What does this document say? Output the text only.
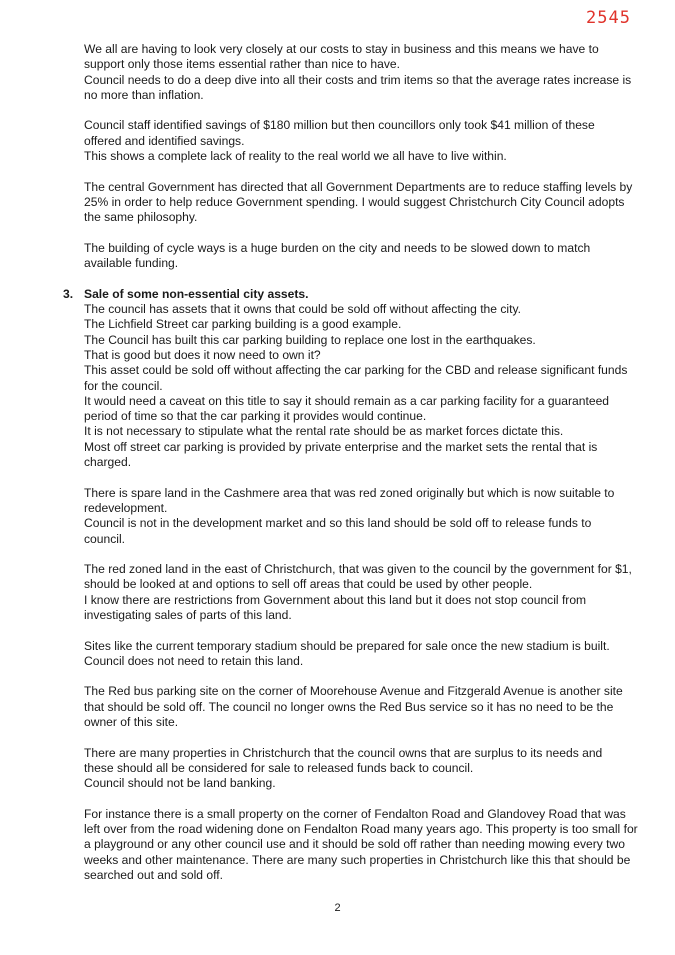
2545
We all are having to look very closely at our costs to stay in business and this means we have to
support only those items essential rather than nice to have.
Council needs to do a deep dive into all their costs and trim items so that the average rates increase is
no more than inflation.
Council staff identified savings of $180 million but then councillors only took $41 million of these
offered and identified savings.
This shows a complete lack of reality to the real world we all have to live within.
The central Government has directed that all Government Departments are to reduce staffing levels by
25% in order to help reduce Government spending. I would suggest Christchurch City Council adopts
the same philosophy.
The building of cycle ways is a huge burden on the city and needs to be slowed down to match
available funding.
3. Sale of some non-essential city assets.
The council has assets that it owns that could be sold off without affecting the city.
The Lichfield Street car parking building is a good example.
The Council has built this car parking building to replace one lost in the earthquakes.
That is good but does it now need to own it?
This asset could be sold off without affecting the car parking for the CBD and release significant funds
for the council.
It would need a caveat on this title to say it should remain as a car parking facility for a guaranteed
period of time so that the car parking it provides would continue.
It is not necessary to stipulate what the rental rate should be as market forces dictate this.
Most off street car parking is provided by private enterprise and the market sets the rental that is
charged.
There is spare land in the Cashmere area that was red zoned originally but which is now suitable to
redevelopment.
Council is not in the development market and so this land should be sold off to release funds to
council.
The red zoned land in the east of Christchurch, that was given to the council by the government for $1,
should be looked at and options to sell off areas that could be used by other people.
I know there are restrictions from Government about this land but it does not stop council from
investigating sales of parts of this land.
Sites like the current temporary stadium should be prepared for sale once the new stadium is built.
Council does not need to retain this land.
The Red bus parking site on the corner of Moorehouse Avenue and Fitzgerald Avenue is another site
that should be sold off. The council no longer owns the Red Bus service so it has no need to be the
owner of this site.
There are many properties in Christchurch that the council owns that are surplus to its needs and
these should all be considered for sale to released funds back to council.
Council should not be land banking.
For instance there is a small property on the corner of Fendalton Road and Glandovey Road that was
left over from the road widening done on Fendalton Road many years ago. This property is too small for
a playground or any other council use and it should be sold off rather than needing mowing every two
weeks and other maintenance. There are many such properties in Christchurch like this that should be
searched out and sold off.
2
